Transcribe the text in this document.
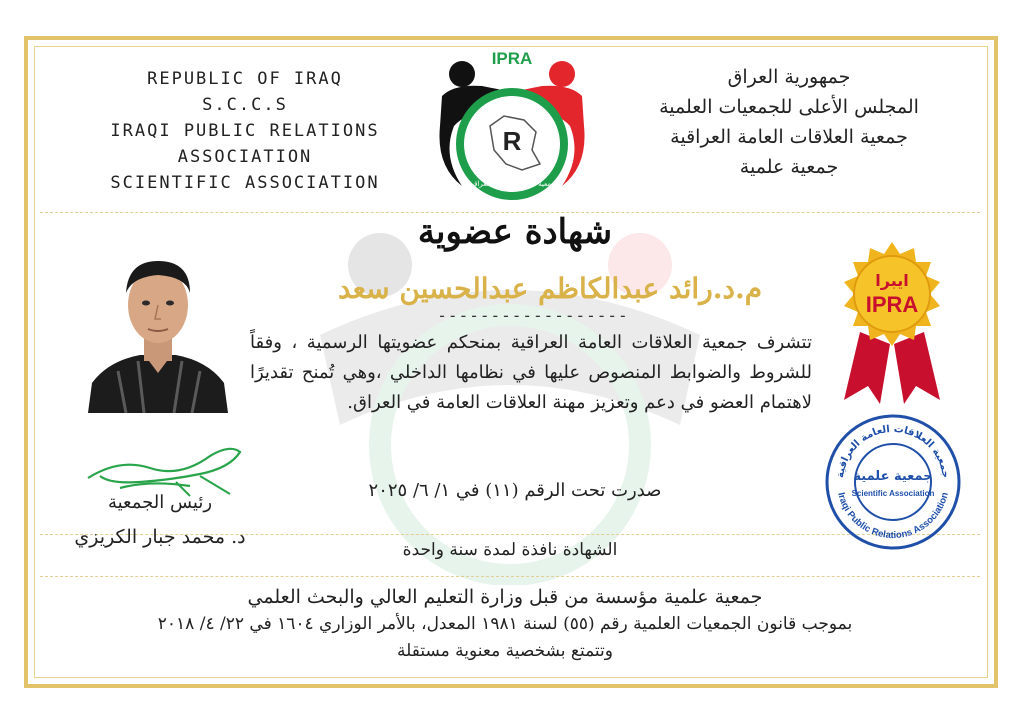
REPUBLIC OF IRAQ
S.C.C.S
IRAQI PUBLIC RELATIONS
ASSOCIATION
SCIENTIFIC ASSOCIATION
جمهورية العراق
المجلس الأعلى للجمعيات العلمية
جمعية العلاقات العامة العراقية
جمعية علمية
IPRA
R
جمعية العلاقات العامة العراقية
شهادة عضوية
م.د.رائد عبدالكاظم عبدالحسين سعد
------------------
تتشرف جمعية العلاقات العامة العراقية بمنحكم عضويتها الرسمية ، وفقاً للشروط والضوابط المنصوص عليها في نظامها الداخلي ،وهي تُمنح تقديرًا لاهتمام العضو في دعم وتعزيز مهنة العلاقات العامة في العراق.
صدرت تحت الرقم (١١) في ١/ ٦/ ٢٠٢٥
الشهادة نافذة لمدة سنة واحدة
رئيس الجمعية
د. محمد جبار الكريزي
ايبرا
IPRA
جمعية العلاقات العامة العراقية
Iraqi Public Relations Association
جمعية علمية
Scientific Association
جمعية علمية مؤسسة من قبل وزارة التعليم العالي والبحث العلمي
بموجب قانون الجمعيات العلمية رقم (٥٥) لسنة ١٩٨١ المعدل، بالأمر الوزاري ١٦٠٤ في ٢٢/ ٤/ ٢٠١٨
وتتمتع بشخصية معنوية مستقلة
